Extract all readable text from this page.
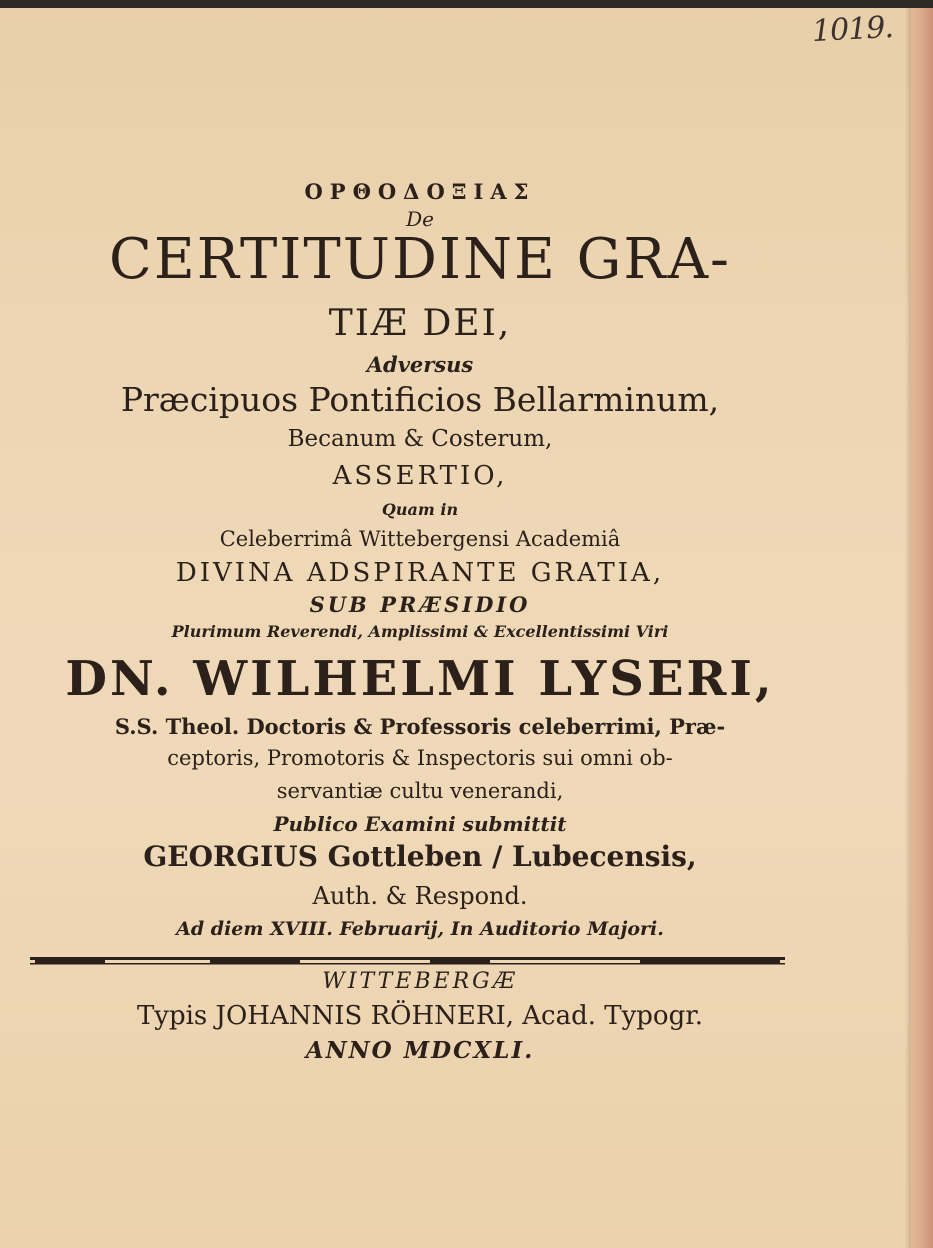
1019.
ΟΡΘΟΔΟΞΙΑΣ
De
CERTITUDINE GRA-
TIÆ DEI,
Adversus
Præcipuos Pontificios Bellarminum,
Becanum & Costerum,
ASSERTIO,
Quam in
Celeberrimâ Wittebergensi Academiâ
DIVINA ADSPIRANTE GRATIA,
SUB PRÆSIDIO
Plurimum Reverendi, Amplissimi & Excellentissimi Viri
DN. WILHELMI LYSERI,
S.S. Theol. Doctoris & Professoris celeberrimi, Præ-
ceptoris, Promotoris & Inspectoris sui omni ob-
servantiæ cultu venerandi,
Publico Examini submittit
GEORGIUS Gottleben / Lubecensis,
Auth. & Respond.
Ad diem XVIII. Februarij, In Auditorio Majori.
WITTEBERGÆ
Typis JOHANNIS RÖHNERI, Acad. Typogr.
ANNO MDCXLI.
